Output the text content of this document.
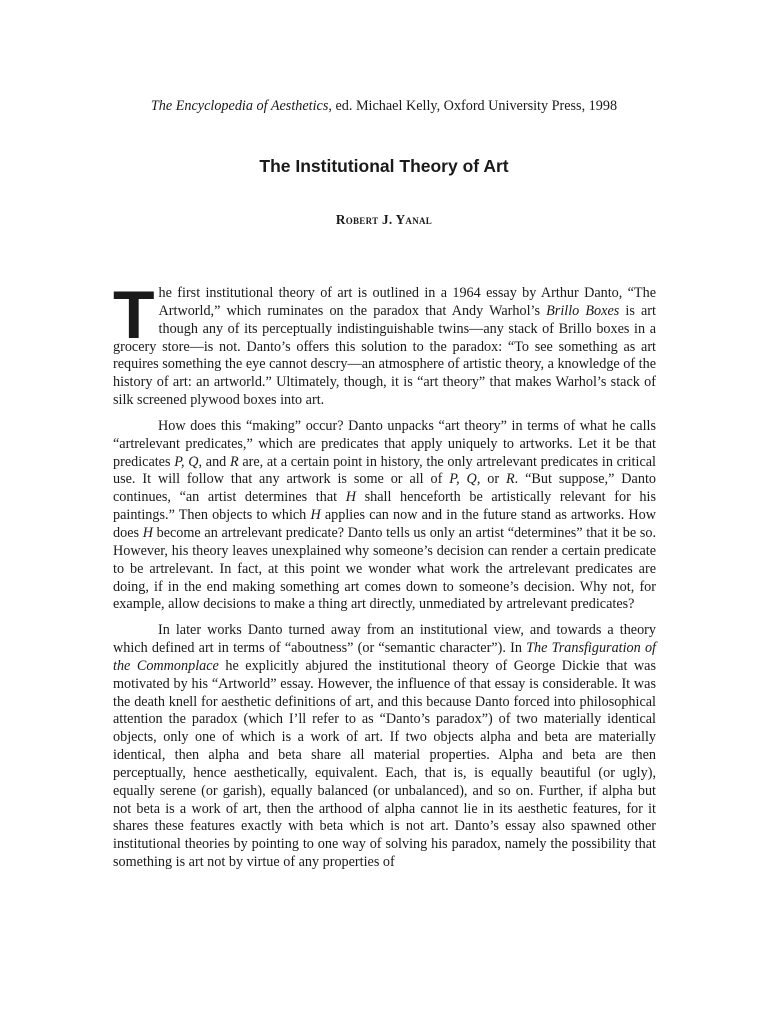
The Encyclopedia of Aesthetics, ed. Michael Kelly, Oxford University Press, 1998
The Institutional Theory of Art
Robert J. Yanal

The first institutional theory of art is outlined in a 1964 essay by Arthur Danto, “The Artworld,” which ruminates on the paradox that Andy Warhol’s Brillo Boxes is art though any of its perceptually indistinguishable twins—any stack of Brillo boxes in a grocery store—is not. Danto’s offers this solution to the paradox: “To see something as art requires something the eye cannot descry—an atmosphere of artistic theory, a knowledge of the history of art: an artworld.” Ultimately, though, it is “art theory” that makes Warhol’s stack of silk screened plywood boxes into art.

How does this “making” occur? Danto unpacks “art theory” in terms of what he calls “artrelevant predicates,” which are predicates that apply uniquely to artworks. Let it be that predicates P, Q, and R are, at a certain point in history, the only artrelevant predicates in critical use. It will follow that any artwork is some or all of P, Q, or R. “But suppose,” Danto continues, “an artist determines that H shall henceforth be artistically relevant for his paintings.” Then objects to which H applies can now and in the future stand as artworks. How does H become an artrelevant predicate? Danto tells us only an artist “determines” that it be so. However, his theory leaves unexplained why someone’s decision can render a certain predicate to be artrelevant. In fact, at this point we wonder what work the artrelevant predicates are doing, if in the end making something art comes down to someone’s decision. Why not, for example, allow decisions to make a thing art directly, unmediated by artrelevant predicates?

In later works Danto turned away from an institutional view, and towards a theory which defined art in terms of “aboutness” (or “semantic character”). In The Transfiguration of the Commonplace he explicitly abjured the institutional theory of George Dickie that was motivated by his “Artworld” essay. However, the influence of that essay is considerable. It was the death knell for aesthetic definitions of art, and this because Danto forced into philosophical attention the paradox (which I’ll refer to as “Danto’s paradox”) of two materially identical objects, only one of which is a work of art. If two objects alpha and beta are materially identical, then alpha and beta share all material properties. Alpha and beta are then perceptually, hence aesthetically, equivalent. Each, that is, is equally beautiful (or ugly), equally serene (or garish), equally balanced (or unbalanced), and so on. Further, if alpha but not beta is a work of art, then the arthood of alpha cannot lie in its aesthetic features, for it shares these features exactly with beta which is not art. Danto’s essay also spawned other institutional theories by pointing to one way of solving his paradox, namely the possibility that something is art not by virtue of any properties of
